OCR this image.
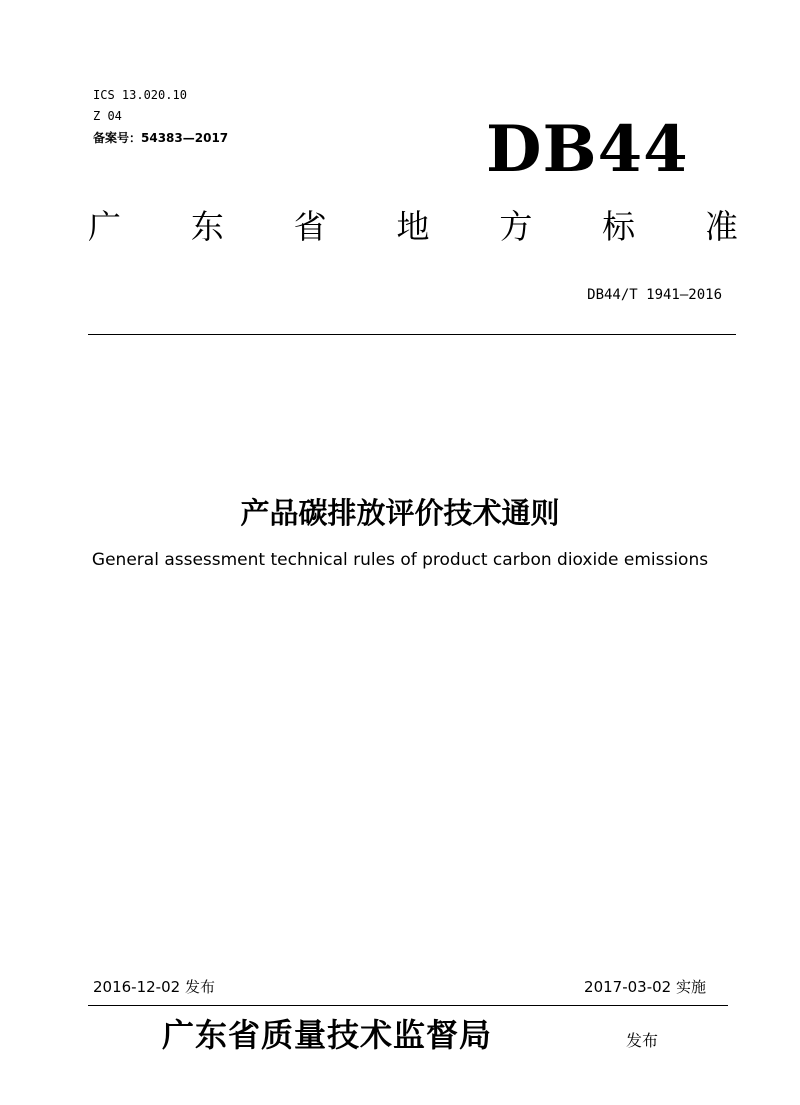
ICS 13.020.10
Z 04
备案号：54383—2017	DB44
广 东 省 地 方 标 准
DB44/T 1941—2016
产品碳排放评价技术通则
General assessment technical rules of product carbon dioxide emissions
2016-12-02 发布	2017-03-02 实施
广东省质量技术监督局	发布
